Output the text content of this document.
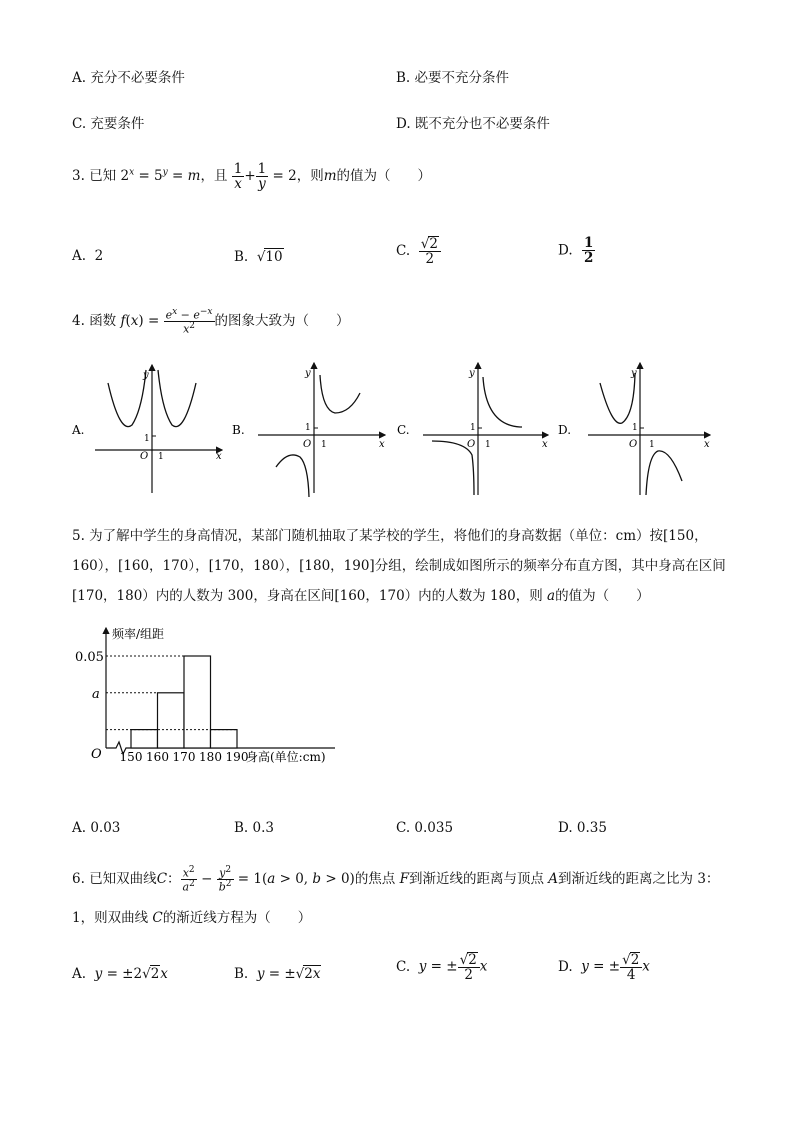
A. 充分不必要条件	B. 必要不充分条件
C. 充要条件	D. 既不充分也不必要条件
3. 已知 $2^x = 5^y = m$，且 $\frac{1}{x} + \frac{1}{y} = 2$，则m的值为（　　）
A. 2	B. √10	C. $\frac{√2}{2}$	D. $\frac{1}{2}$
4. 函数 $f(x) = \frac{e^x - e^{-x}}{x^2}$ 的图象大致为（　　）
A.
y
x
O
1
1
B.
y
x
O
1
1
C.
y
x
O
1
1
D.
y
x
O
1
1
5. 为了解中学生的身高情况，某部门随机抽取了某学校的学生，将他们的身高数据（单位：cm）按[150，
160），[160，170），[170，180），[180，190]分组，绘制成如图所示的频率分布直方图，其中身高在区间
[170，180）内的人数为 300，身高在区间[160，170）内的人数为 180，则 a的值为（　　）
频率/组距
O
0.05
a
150 160 170 180 190
身高(单位:cm)
A. 0.03	B. 0.3	C. 0.035	D. 0.35
6. 已知双曲线C： $\frac{x^2}{a^2} - \frac{y^2}{b^2} = 1(a > 0$, b > 0)的焦点 F到渐近线的距离与顶点 A到渐近线的距离之比为 3：
1，则双曲线 C的渐近线方程为（　　）
A. y = ±2√2x	B. y = ±√2x	C. y = ± $\frac{√2}{2}$ x	D. y = ± $\frac{√2}{4}$ x
